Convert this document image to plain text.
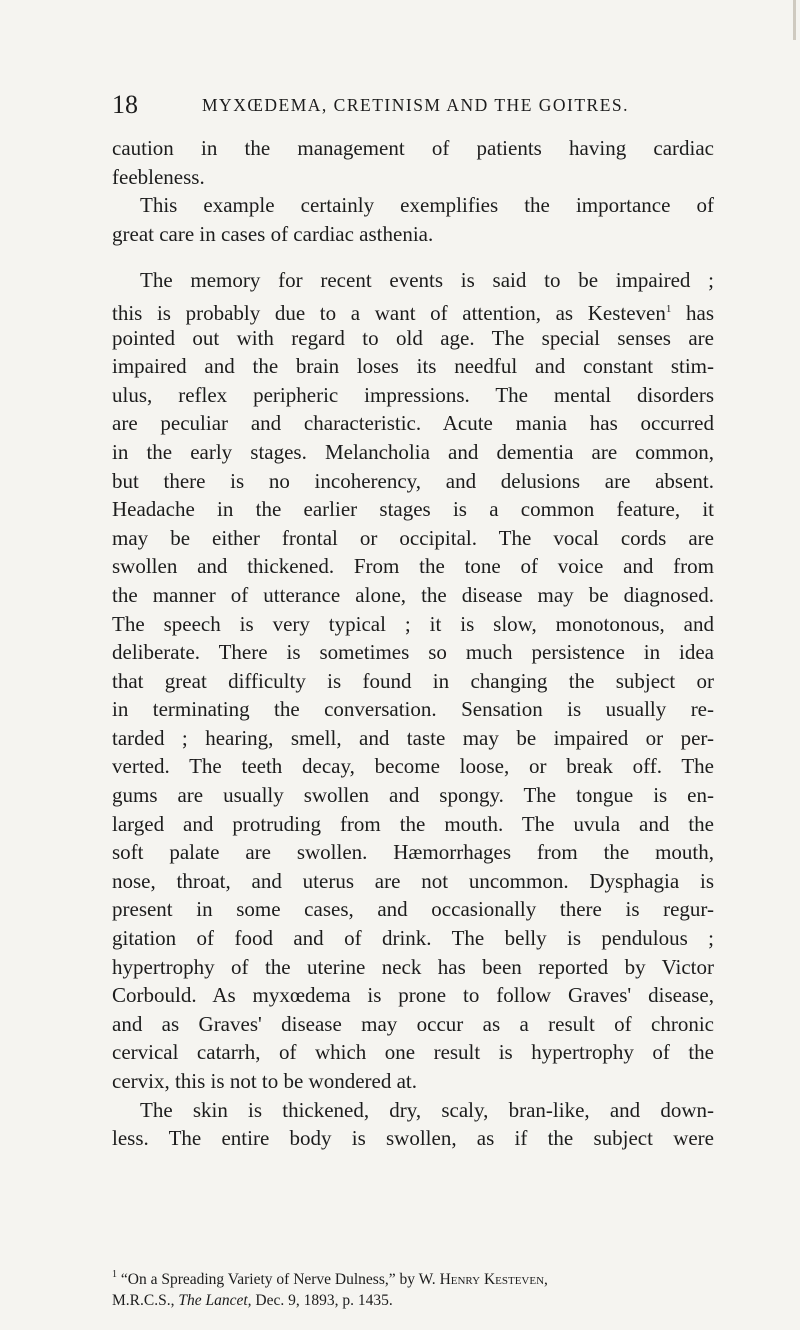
18	MYXŒDEMA, CRETINISM AND THE GOITRES.
caution in the management of patients having cardiac
feebleness.
This example certainly exemplifies the importance of
great care in cases of cardiac asthenia.
The memory for recent events is said to be impaired ;
this is probably due to a want of attention, as Kesteven$^1$ has
pointed out with regard to old age. The special senses are
impaired and the brain loses its needful and constant stim-
ulus, reflex peripheric impressions. The mental disorders
are peculiar and characteristic. Acute mania has occurred
in the early stages. Melancholia and dementia are common,
but there is no incoherency, and delusions are absent.
Headache in the earlier stages is a common feature, it
may be either frontal or occipital. The vocal cords are
swollen and thickened. From the tone of voice and from
the manner of utterance alone, the disease may be diagnosed.
The speech is very typical ; it is slow, monotonous, and
deliberate. There is sometimes so much persistence in idea
that great difficulty is found in changing the subject or
in terminating the conversation. Sensation is usually re-
tarded ; hearing, smell, and taste may be impaired or per-
verted. The teeth decay, become loose, or break off. The
gums are usually swollen and spongy. The tongue is en-
larged and protruding from the mouth. The uvula and the
soft palate are swollen. Hæmorrhages from the mouth,
nose, throat, and uterus are not uncommon. Dysphagia is
present in some cases, and occasionally there is regur-
gitation of food and of drink. The belly is pendulous ;
hypertrophy of the uterine neck has been reported by Victor
Corbould. As myxœdema is prone to follow Graves' disease,
and as Graves' disease may occur as a result of chronic
cervical catarrh, of which one result is hypertrophy of the
cervix, this is not to be wondered at.
The skin is thickened, dry, scaly, bran-like, and down-
less. The entire body is swollen, as if the subject were
$^1$ “On a Spreading Variety of Nerve Dulness,” by W. Henry Kesteven,
M.R.C.S., The Lancet, Dec. 9, 1893, p. 1435.
